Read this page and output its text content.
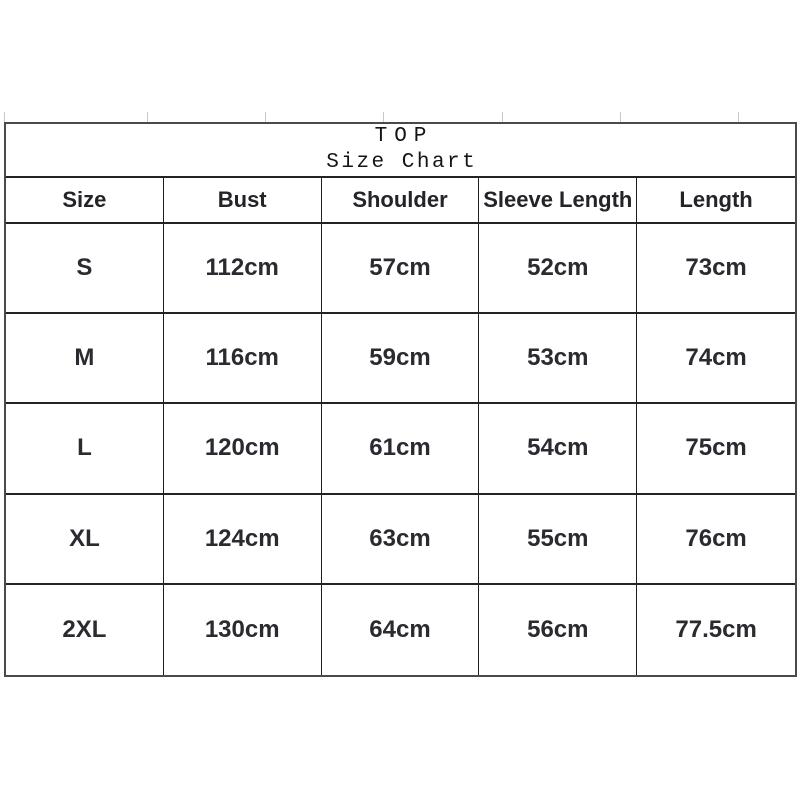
TOP
Size Chart
Size	Bust	Shoulder	Sleeve Length	Length
S	112cm	57cm	52cm	73cm
M	116cm	59cm	53cm	74cm
L	120cm	61cm	54cm	75cm
XL	124cm	63cm	55cm	76cm
2XL	130cm	64cm	56cm	77.5cm
